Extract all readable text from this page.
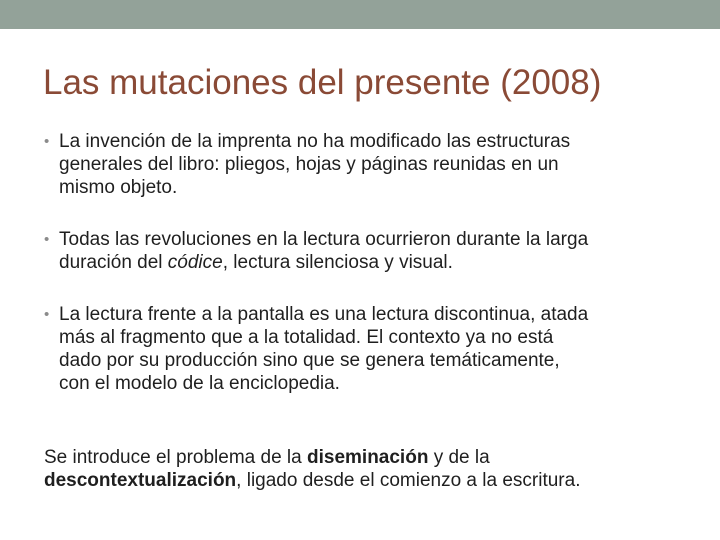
Las mutaciones del presente (2008)
• La invención de la imprenta no ha modificado las estructuras
generales del libro: pliegos, hojas y páginas reunidas en un
mismo objeto.
• Todas las revoluciones en la lectura ocurrieron durante la larga
duración del códice, lectura silenciosa y visual.
• La lectura frente a la pantalla es una lectura discontinua, atada
más al fragmento que a la totalidad. El contexto ya no está
dado por su producción sino que se genera temáticamente,
con el modelo de la enciclopedia.

Se introduce el problema de la diseminación y de la
descontextualización, ligado desde el comienzo a la escritura.
